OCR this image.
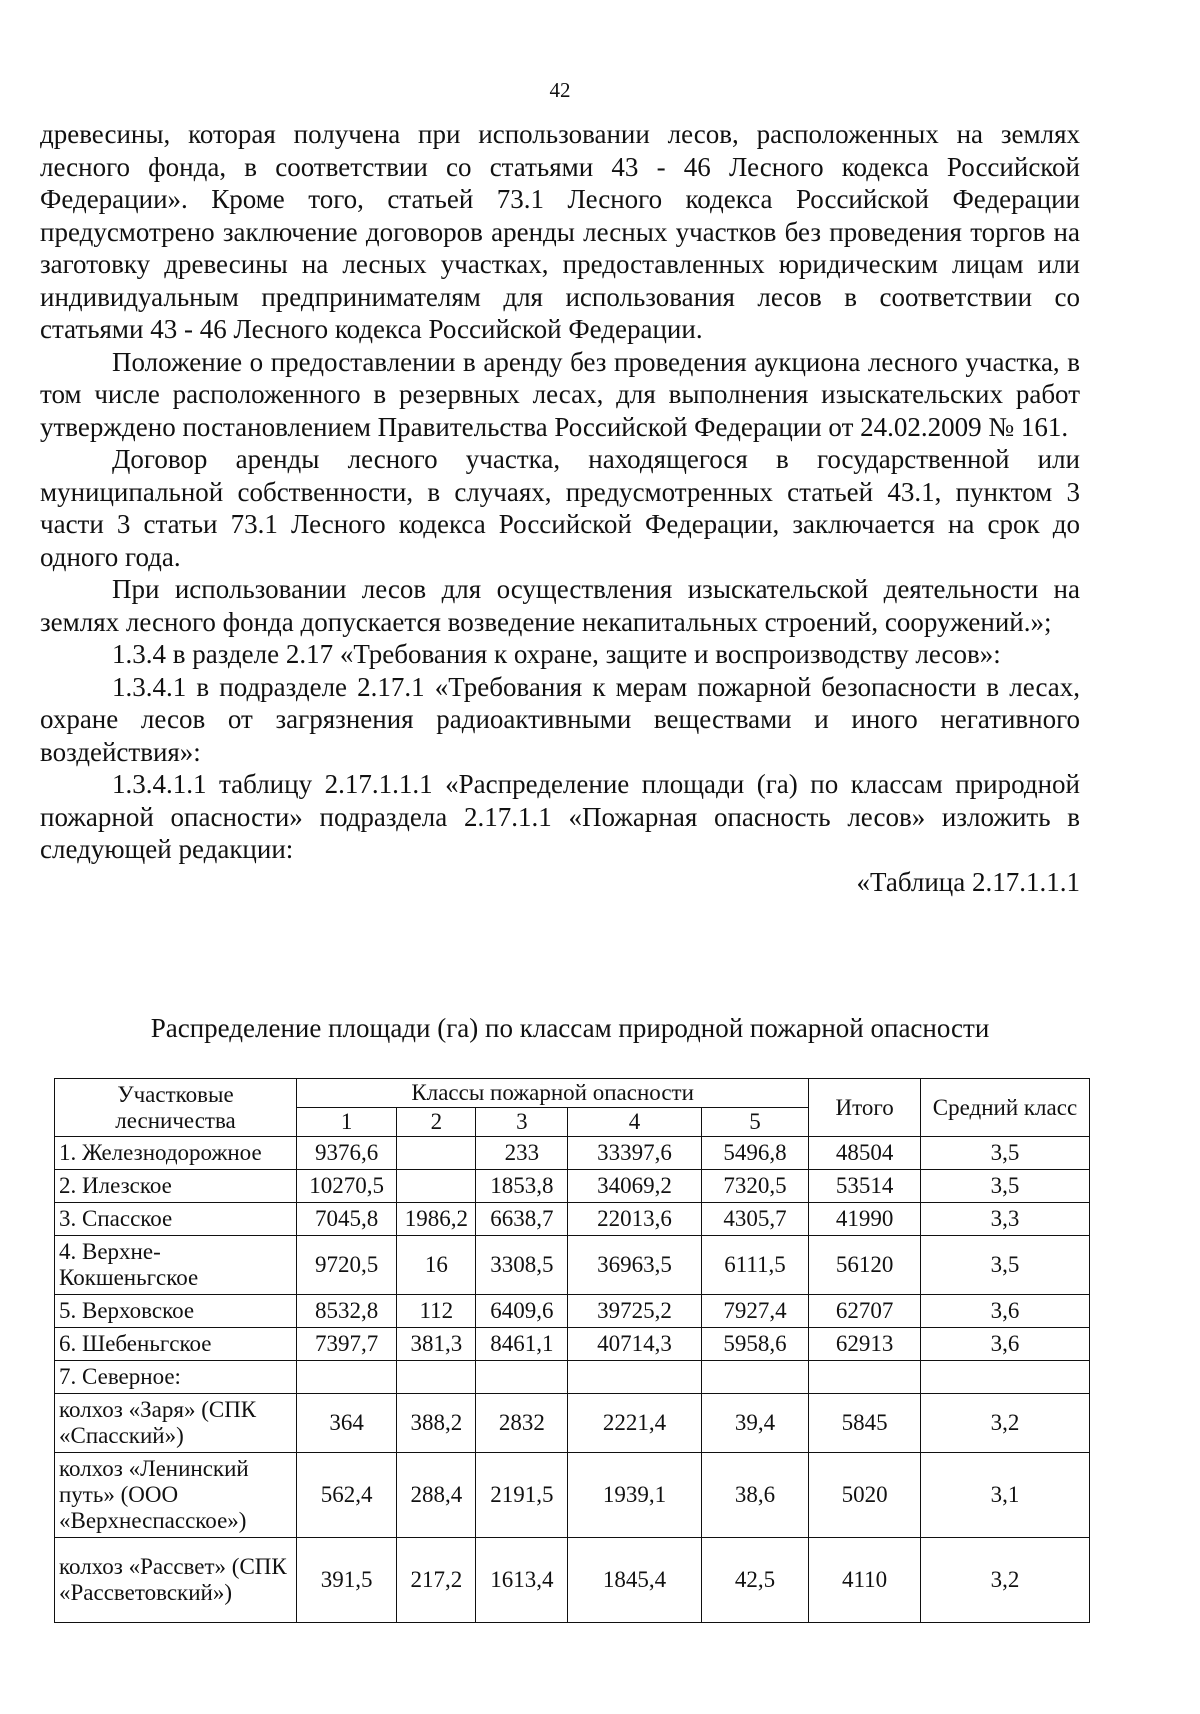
42

древесины, которая получена при использовании лесов, расположенных на землях лесного фонда, в соответствии со статьями 43 - 46 Лесного кодекса Российской Федерации». Кроме того, статьей 73.1 Лесного кодекса Российской Федерации предусмотрено заключение договоров аренды лесных участков без проведения торгов на заготовку древесины на лесных участках, предоставленных юридическим лицам или индивидуальным предпринимателям для использования лесов в соответствии со статьями 43 - 46 Лесного кодекса Российской Федерации.

Положение о предоставлении в аренду без проведения аукциона лесного участка, в том числе расположенного в резервных лесах, для выполнения изыскательских работ утверждено постановлением Правительства Российской Федерации от 24.02.2009 № 161.

Договор аренды лесного участка, находящегося в государственной или муниципальной собственности, в случаях, предусмотренных статьей 43.1, пунктом 3 части 3 статьи 73.1 Лесного кодекса Российской Федерации, заключается на срок до одного года.

При использовании лесов для осуществления изыскательской деятельности на землях лесного фонда допускается возведение некапитальных строений, сооружений.»;

1.3.4 в разделе 2.17 «Требования к охране, защите и воспроизводству лесов»:

1.3.4.1 в подразделе 2.17.1 «Требования к мерам пожарной безопасности в лесах, охране лесов от загрязнения радиоактивными веществами и иного негативного воздействия»:

1.3.4.1.1 таблицу 2.17.1.1.1 «Распределение площади (га) по классам природной пожарной опасности» подраздела 2.17.1.1 «Пожарная опасность лесов» изложить в следующей редакции:

«Таблица 2.17.1.1.1

Распределение площади (га) по классам природной пожарной опасности
Участковые лесничества	Классы пожарной опасности					Итого	Средний класс
	1	2	3	4	5		
1. Железнодорожное	9376,6		233	33397,6	5496,8	48504	3,5
2. Илезское	10270,5		1853,8	34069,2	7320,5	53514	3,5
3. Спасское	7045,8	1986,2	6638,7	22013,6	4305,7	41990	3,3
4. Верхне-Кокшеньгское	9720,5	16	3308,5	36963,5	6111,5	56120	3,5
5. Верховское	8532,8	112	6409,6	39725,2	7927,4	62707	3,6
6. Шебеньгское	7397,7	381,3	8461,1	40714,3	5958,6	62913	3,6
7. Северное:							
колхоз «Заря» (СПК «Спасский»)	364	388,2	2832	2221,4	39,4	5845	3,2
колхоз «Ленинский путь» (ООО «Верхнеспасское»)	562,4	288,4	2191,5	1939,1	38,6	5020	3,1
колхоз «Рассвет» (СПК «Рассветовский»)	391,5	217,2	1613,4	1845,4	42,5	4110	3,2
